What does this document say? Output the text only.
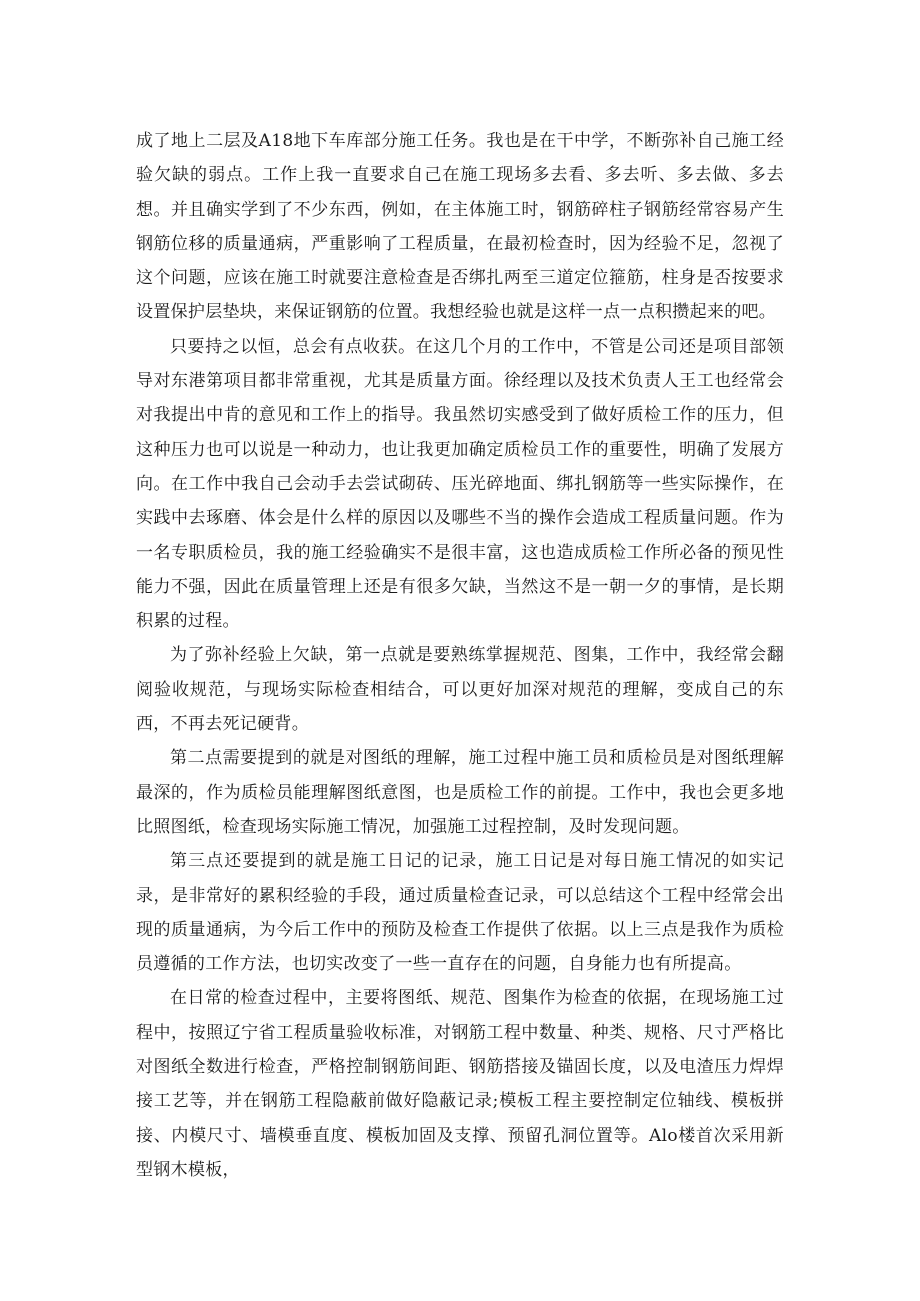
成了地上二层及A18地下车库部分施工任务。我也是在干中学，不断弥补自己施工经验欠缺的弱点。工作上我一直要求自己在施工现场多去看、多去听、多去做、多去想。并且确实学到了不少东西，例如，在主体施工时，钢筋碎柱子钢筋经常容易产生钢筋位移的质量通病，严重影响了工程质量，在最初检查时，因为经验不足，忽视了这个问题，应该在施工时就要注意检查是否绑扎两至三道定位箍筋，柱身是否按要求设置保护层垫块，来保证钢筋的位置。我想经验也就是这样一点一点积攒起来的吧。

只要持之以恒，总会有点收获。在这几个月的工作中，不管是公司还是项目部领导对东港第项目都非常重视，尤其是质量方面。徐经理以及技术负责人王工也经常会对我提出中肯的意见和工作上的指导。我虽然切实感受到了做好质检工作的压力，但这种压力也可以说是一种动力，也让我更加确定质检员工作的重要性，明确了发展方向。在工作中我自己会动手去尝试砌砖、压光碎地面、绑扎钢筋等一些实际操作，在实践中去琢磨、体会是什么样的原因以及哪些不当的操作会造成工程质量问题。作为一名专职质检员，我的施工经验确实不是很丰富，这也造成质检工作所必备的预见性能力不强，因此在质量管理上还是有很多欠缺，当然这不是一朝一夕的事情，是长期积累的过程。

为了弥补经验上欠缺，第一点就是要熟练掌握规范、图集，工作中，我经常会翻阅验收规范，与现场实际检查相结合，可以更好加深对规范的理解，变成自己的东西，不再去死记硬背。

第二点需要提到的就是对图纸的理解，施工过程中施工员和质检员是对图纸理解最深的，作为质检员能理解图纸意图，也是质检工作的前提。工作中，我也会更多地比照图纸，检查现场实际施工情况，加强施工过程控制，及时发现问题。

第三点还要提到的就是施工日记的记录，施工日记是对每日施工情况的如实记录，是非常好的累积经验的手段，通过质量检查记录，可以总结这个工程中经常会出现的质量通病，为今后工作中的预防及检查工作提供了依据。以上三点是我作为质检员遵循的工作方法，也切实改变了一些一直存在的问题，自身能力也有所提高。

在日常的检查过程中，主要将图纸、规范、图集作为检查的依据，在现场施工过程中，按照辽宁省工程质量验收标准，对钢筋工程中数量、种类、规格、尺寸严格比对图纸全数进行检查，严格控制钢筋间距、钢筋搭接及锚固长度，以及电渣压力焊焊接工艺等，并在钢筋工程隐蔽前做好隐蔽记录;模板工程主要控制定位轴线、模板拼接、内模尺寸、墙模垂直度、模板加固及支撑、预留孔洞位置等。Alo楼首次采用新型钢木模板，
